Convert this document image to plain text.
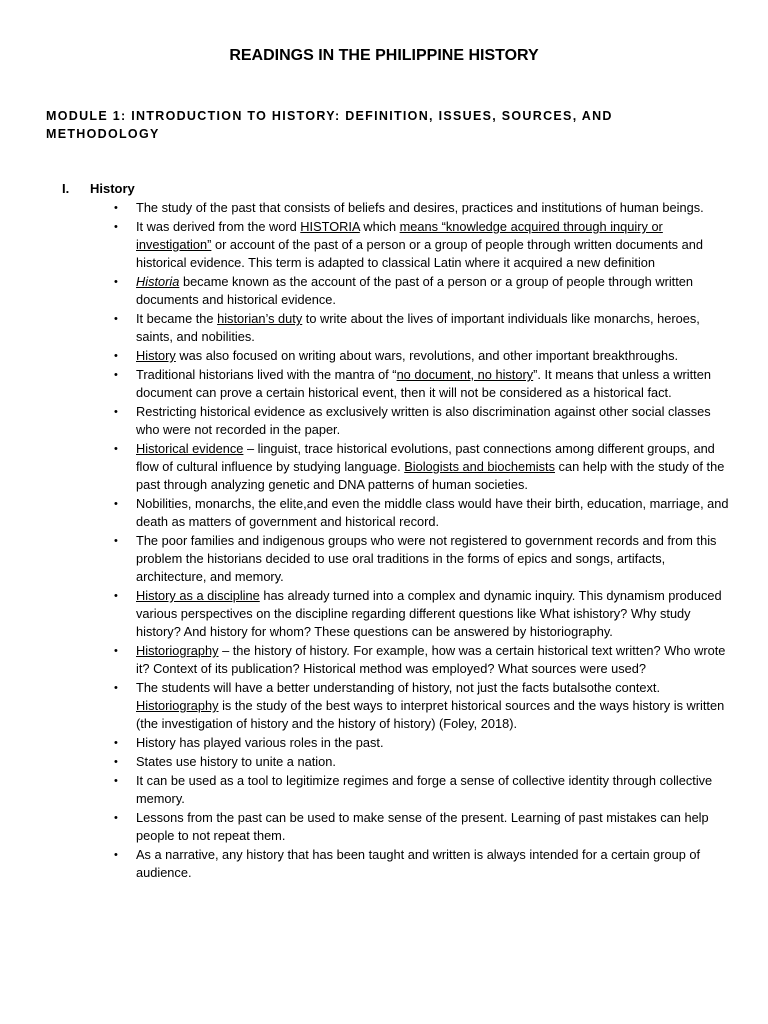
READINGS IN THE PHILIPPINE HISTORY
MODULE 1: INTRODUCTION TO HISTORY: DEFINITION, ISSUES, SOURCES, AND METHODOLOGY
I.	History
• The study of the past that consists of beliefs and desires, practices and institutions of human beings.
• It was derived from the word HISTORIA which means “knowledge acquired through inquiry or investigation” or account of the past of a person or a group of people through written documents and historical evidence. This term is adapted to classical Latin where it acquired a new definition
• Historia became known as the account of the past of a person or a group of people through written documents and historical evidence.
• It became the historian’s duty to write about the lives of important individuals like monarchs, heroes, saints, and nobilities.
• History was also focused on writing about wars, revolutions, and other important breakthroughs.
• Traditional historians lived with the mantra of “no document, no history”. It means that unless a written document can prove a certain historical event, then it will not be considered as a historical fact.
• Restricting historical evidence as exclusively written is also discrimination against other social classes who were not recorded in the paper.
• Historical evidence – linguist, trace historical evolutions, past connections among different groups, and flow of cultural influence by studying language. Biologists and biochemists can help with the study of the past through analyzing genetic and DNA patterns of human societies.
• Nobilities, monarchs, the elite,and even the middle class would have their birth, education, marriage, and death as matters of government and historical record.
• The poor families and indigenous groups who were not registered to government records and from this problem the historians decided to use oral traditions in the forms of epics and songs, artifacts, architecture, and memory.
• History as a discipline has already turned into a complex and dynamic inquiry. This dynamism produced various perspectives on the discipline regarding different questions like What ishistory? Why study history? And history for whom? These questions can be answered by historiography.
• Historiography – the history of history. For example, how was a certain historical text written? Who wrote it? Context of its publication? Historical method was employed? What sources were used?
• The students will have a better understanding of history, not just the facts butalsothe context. Historiography is the study of the best ways to interpret historical sources and the ways history is written (the investigation of history and the history of history) (Foley, 2018).
• History has played various roles in the past.
• States use history to unite a nation.
• It can be used as a tool to legitimize regimes and forge a sense of collective identity through collective memory.
• Lessons from the past can be used to make sense of the present. Learning of past mistakes can help people to not repeat them.
• As a narrative, any history that has been taught and written is always intended for a certain group of audience.
